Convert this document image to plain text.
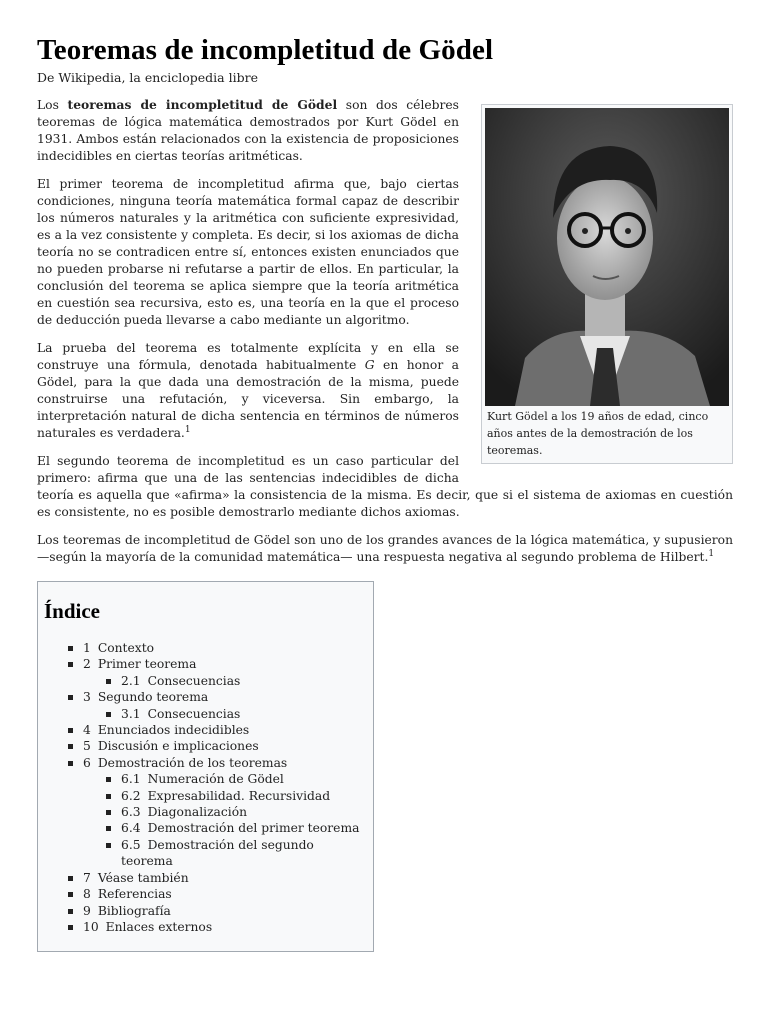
Teoremas de incompletitud de Gödel
De Wikipedia, la enciclopedia libre
Kurt Gödel a los 19 años de edad, cinco años antes de la demostración de los teoremas.

Los teoremas de incompletitud de Gödel son dos célebres teoremas de lógica matemática demostrados por Kurt Gödel en 1931. Ambos están relacionados con la existencia de proposiciones indecidibles en ciertas teorías aritméticas.

El primer teorema de incompletitud afirma que, bajo ciertas condiciones, ninguna teoría matemática formal capaz de describir los números naturales y la aritmética con suficiente expresividad, es a la vez consistente y completa. Es decir, si los axiomas de dicha teoría no se contradicen entre sí, entonces existen enunciados que no pueden probarse ni refutarse a partir de ellos. En particular, la conclusión del teorema se aplica siempre que la teoría aritmética en cuestión sea recursiva, esto es, una teoría en la que el proceso de deducción pueda llevarse a cabo mediante un algoritmo.

La prueba del teorema es totalmente explícita y en ella se construye una fórmula, denotada habitualmente G en honor a Gödel, para la que dada una demostración de la misma, puede construirse una refutación, y viceversa. Sin embargo, la interpretación natural de dicha sentencia en términos de números naturales es verdadera.$^1$

El segundo teorema de incompletitud es un caso particular del primero: afirma que una de las sentencias indecidibles de dicha teoría es aquella que «afirma» la consistencia de la misma. Es decir, que si el sistema de axiomas en cuestión es consistente, no es posible demostrarlo mediante dichos axiomas.

Los teoremas de incompletitud de Gödel son uno de los grandes avances de la lógica matemática, y supusieron —según la mayoría de la comunidad matemática— una respuesta negativa al segundo problema de Hilbert.$^1$

Índice
1 Contexto
2 Primer teorema
2.1 Consecuencias
3 Segundo teorema
3.1 Consecuencias
4 Enunciados indecidibles
5 Discusión e implicaciones
6 Demostración de los teoremas
6.1 Numeración de Gödel
6.2 Expresabilidad. Recursividad
6.3 Diagonalización
6.4 Demostración del primer teorema
6.5 Demostración del segundo teorema
7 Véase también
8 Referencias
9 Bibliografía
10 Enlaces externos
